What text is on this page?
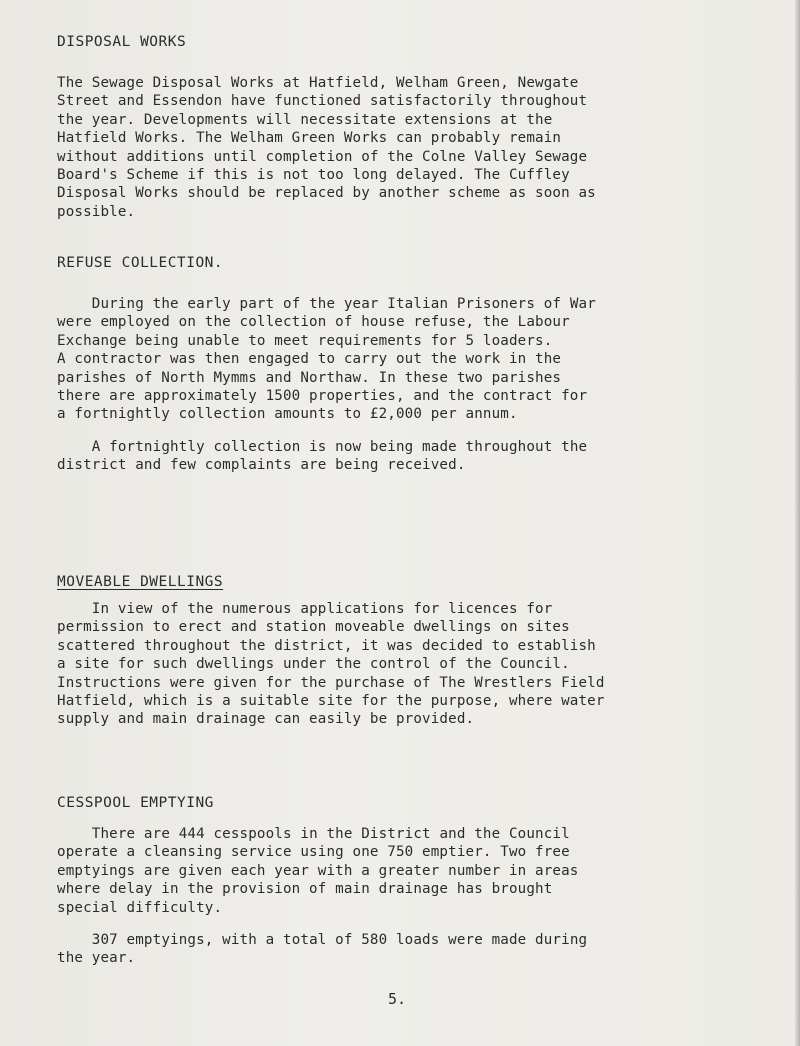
DISPOSAL WORKS

The Sewage Disposal Works at Hatfield, Welham Green, Newgate
Street and Essendon have functioned satisfactorily throughout
the year. Developments will necessitate extensions at the
Hatfield Works. The Welham Green Works can probably remain
without additions until completion of the Colne Valley Sewage
Board's Scheme if this is not too long delayed. The Cuffley
Disposal Works should be replaced by another scheme as soon as
possible.

REFUSE COLLECTION.

During the early part of the year Italian Prisoners of War
were employed on the collection of house refuse, the Labour
Exchange being unable to meet requirements for 5 loaders.
A contractor was then engaged to carry out the work in the
parishes of North Mymms and Northaw. In these two parishes
there are approximately 1500 properties, and the contract for
a fortnightly collection amounts to £2,000 per annum.

A fortnightly collection is now being made throughout the
district and few complaints are being received.

MOVEABLE DWELLINGS

In view of the numerous applications for licences for
permission to erect and station moveable dwellings on sites
scattered throughout the district, it was decided to establish
a site for such dwellings under the control of the Council.
Instructions were given for the purchase of The Wrestlers Field
Hatfield, which is a suitable site for the purpose, where water
supply and main drainage can easily be provided.

CESSPOOL EMPTYING

There are 444 cesspools in the District and the Council
operate a cleansing service using one 750 emptier. Two free
emptyings are given each year with a greater number in areas
where delay in the provision of main drainage has brought
special difficulty.

307 emptyings, with a total of 580 loads were made during
the year.

5.
